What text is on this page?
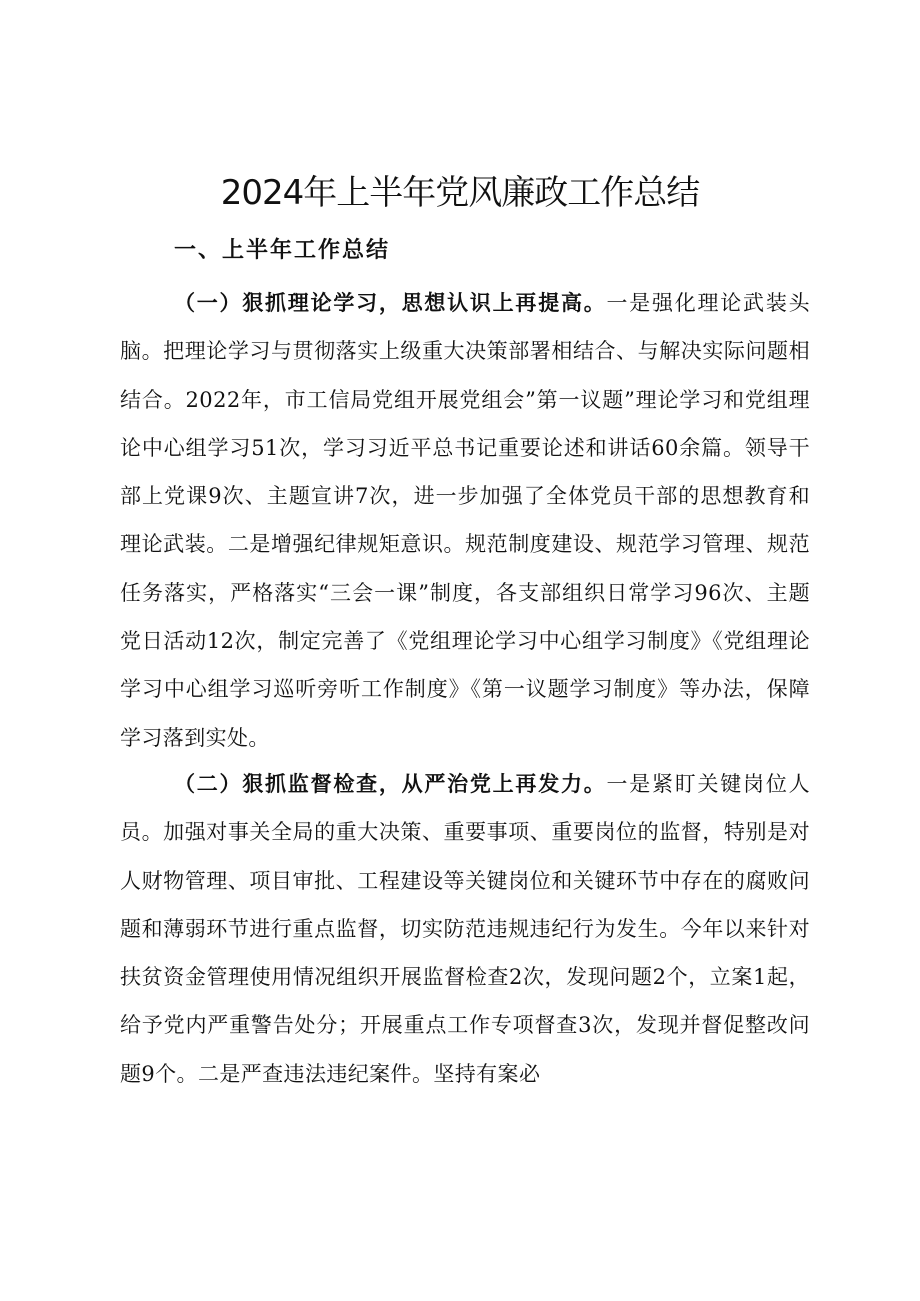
2024年上半年党风廉政工作总结
一、上半年工作总结

（一）狠抓理论学习，思想认识上再提高。一是强化理论武装头脑。把理论学习与贯彻落实上级重大决策部署相结合、与解决实际问题相结合。2022年，市工信局党组开展党组会”第一议题”理论学习和党组理论中心组学习51次，学习习近平总书记重要论述和讲话60余篇。领导干部上党课9次、主题宣讲7次，进一步加强了全体党员干部的思想教育和理论武装。二是增强纪律规矩意识。规范制度建设、规范学习管理、规范任务落实，严格落实“三会一课”制度，各支部组织日常学习96次、主题党日活动12次，制定完善了《党组理论学习中心组学习制度》《党组理论学习中心组学习巡听旁听工作制度》《第一议题学习制度》等办法，保障学习落到实处。

（二）狠抓监督检查，从严治党上再发力。一是紧盯关键岗位人员。加强对事关全局的重大决策、重要事项、重要岗位的监督，特别是对人财物管理、项目审批、工程建设等关键岗位和关键环节中存在的腐败问题和薄弱环节进行重点监督，切实防范违规违纪行为发生。今年以来针对扶贫资金管理使用情况组织开展监督检查2次，发现问题2个，立案1起，给予党内严重警告处分；开展重点工作专项督查3次，发现并督促整改问题9个。二是严查违法违纪案件。坚持有案必
